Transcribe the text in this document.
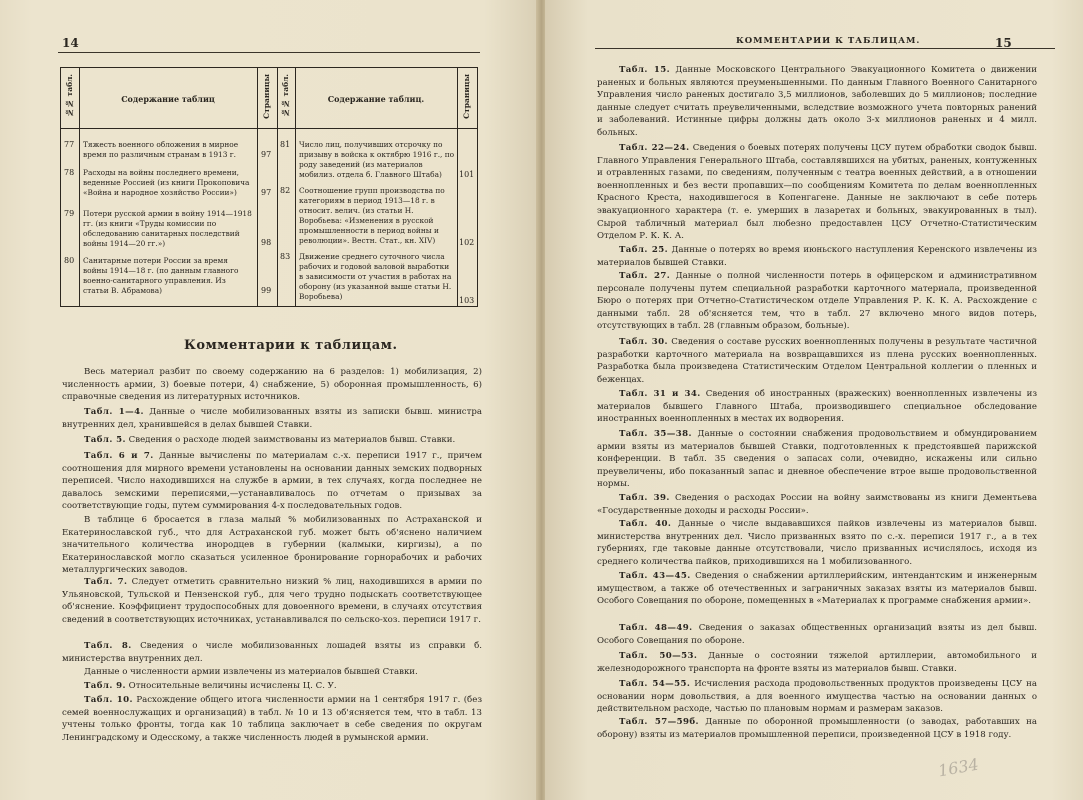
14
№№ табл.	Содержание таблиц	Страницы №№ табл.	Содержание таблиц.	Страницы
77 Тяжесть военного обложения в мирное время по различным странам в 1913 г.	97
78 Расходы на войны последнего времени, веденные Россией (из книги Прокоповича «Война и народное хозяйство России»)	97
79 Потери русской армии в войну 1914—1918 гг. (из книги «Труды комиссии по обследованию санитарных последствий войны 1914—20 гг.»)	98
80 Санитарные потери России за время войны 1914—18 г. (по данным главного военно-санитарного управления. Из статьи В. Абрамова)	99
81 Число лиц, получивших отсрочку по призыву в войска к октябрю 1916 г., по роду заведений (из материалов мобилиз. отдела б. Главного Штаба)	101
82 Соотношение групп производства по категориям в период 1913—18 г. в относит. велич. (из статьи Н. Воробьева: «Изменения в русской промышленности в период войны и революции». Вестн. Стат., кн. XIV)	102
83 Движение среднего суточного числа рабочих и годовой валовой выработки в зависимости от участия в работах на оборону (из указанной выше статьи Н. Воробьева)	103
Комментарии к таблицам.

Весь материал разбит по своему содержанию на 6 разделов: 1) мобилизация, 2) численность армии, 3) боевые потери, 4) снабжение, 5) оборонная промышленность, 6) справочные сведения из литературных источников.

Табл. 1—4. Данные о числе мобилизованных взяты из записки бывш. министра внутренних дел, хранившейся в делах бывшей Ставки.

Табл. 5. Сведения о расходе людей заимствованы из материалов бывш. Ставки.

Табл. 6 и 7. Данные вычислены по материалам с.-х. переписи 1917 г., причем соотношения для мирного времени установлены на основании данных земских подворных переписей. Число находившихся на службе в армии, в тех случаях, когда последнее не давалось земскими переписями,—устанавливалось по отчетам о призывах за соответствующие годы, путем суммирования 4-х последовательных годов.

В таблице 6 бросается в глаза малый % мобилизованных по Астраханской и Екатеринославской губ., что для Астраханской губ. может быть об'яснено наличием значительного количества инородцев в губернии (калмыки, киргизы), а по Екатеринославской могло сказаться усиленное бронирование горнорабочих и рабочих металлургических заводов.

Табл. 7. Следует отметить сравнительно низкий % лиц, находившихся в армии по Ульяновской, Тульской и Пензенской губ., для чего трудно подыскать соответствующее об'яснение. Коэффициент трудоспособных для довоенного времени, в случаях отсутствия сведений в соответствующих источниках, устанавливался по сельско-хоз. переписи 1917 г.

Табл. 8. Сведения о числе мобилизованных лошадей взяты из справки б. министерства внутренних дел.

Данные о численности армии извлечены из материалов бывшей Ставки.

Табл. 9. Относительные величины исчислены Ц. С. У.

Табл. 10. Расхождение общего итога численности армии на 1 сентября 1917 г. (без семей военнослужащих и организаций) в табл. № 10 и 13 об'ясняется тем, что в табл. 13 учтены только фронты, тогда как 10 таблица заключает в себе сведения по округам Ленинградскому и Одесскому, а также численность людей в румынской армии.

15

Табл. 15. Данные Московского Центрального Эвакуационного Комитета о движении раненых и больных являются преуменьшенными. По данным Главного Военного Санитарного Управления число раненых достигало 3,5 миллионов, заболевших до 5 миллионов; последние данные следует считать преувеличенными, вследствие возможного учета повторных ранений и заболеваний. Истинные цифры должны дать около 3-х миллионов раненых и 4 милл. больных.

Табл. 22—24. Сведения о боевых потерях получены ЦСУ путем обработки сводок бывш. Главного Управления Генерального Штаба, составлявшихся на убитых, раненых, контуженных и отравленных газами, по сведениям, полученным с театра военных действий, а в отношении военнопленных и без вести пропавших—по сообщениям Комитета по делам военнопленных Красного Креста, находившегося в Копенгагене. Данные не заключают в себе потерь эвакуационного характера (т. е. умерших в лазаретах и больных, эвакуированных в тыл). Сырой табличный материал был любезно предоставлен ЦСУ Отчетно-Статистическим Отделом Р. К. К. А.

Табл. 25. Данные о потерях во время июньского наступления Керенского извлечены из материалов бывшей Ставки.

Табл. 27. Данные о полной численности потерь в офицерском и административном персонале получены путем специальной разработки карточного материала, произведенной Бюро о потерях при Отчетно-Статистическом отделе Управления Р. К. К. А. Расхождение с данными табл. 28 об'ясняется тем, что в табл. 27 включено много видов потерь, отсутствующих в табл. 28 (главным образом, больные).

Табл. 30. Сведения о составе русских военнопленных получены в результате частичной разработки карточного материала на возвращавшихся из плена русских военнопленных. Разработка была произведена Статистическим Отделом Центральной коллегии о пленных и беженцах.

Табл. 31 и 34. Сведения об иностранных (вражеских) военнопленных извлечены из материалов бывшего Главного Штаба, производившего специальное обследование иностранных военнопленных в местах их водворения.

Табл. 35—38. Данные о состоянии снабжения продовольствием и обмундированием армии взяты из материалов бывшей Ставки, подготовленных к предстоявшей парижской конференции. В табл. 35 сведения о запасах соли, очевидно, искажены или сильно преувеличены, ибо показанный запас и дневное обеспечение втрое выше продовольственной нормы.

Табл. 39. Сведения о расходах России на войну заимствованы из книги Дементьева «Государственные доходы и расходы России».

Табл. 40. Данные о числе выдававшихся пайков извлечены из материалов бывш. министерства внутренних дел. Число призванных взято по с.-х. переписи 1917 г., а в тех губерниях, где таковые данные отсутствовали, число призванных исчислялось, исходя из среднего количества пайков, приходившихся на 1 мобилизованного.

Табл. 43—45. Сведения о снабжении артиллерийским, интендантским и инженерным имуществом, а также об отечественных и заграничных заказах взяты из материалов бывш. Особого Совещания по обороне, помещенных в «Материалах к программе снабжения армии».

Табл. 48—49. Сведения о заказах общественных организаций взяты из дел бывш. Особого Совещания по обороне.

Табл. 50—53. Данные о состоянии тяжелой артиллерии, автомобильного и железнодорожного транспорта на фронте взяты из материалов бывш. Ставки.

Табл. 54—55. Исчисления расхода продовольственных продуктов произведены ЦСУ на основании норм довольствия, а для военного имущества частью на основании данных о действительном расходе, частью по плановым нормам и размерам заказов.

Табл. 57—59б. Данные по оборонной промышленности (о заводах, работавших на оборону) взяты из материалов промышленной переписи, произведенной ЦСУ в 1918 году.

КОММЕНТАРИИ К ТАБЛИЦАМ.
1634
